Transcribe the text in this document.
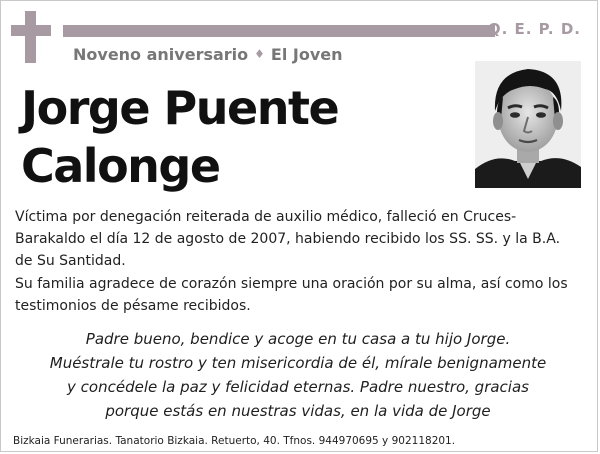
Q. E. P. D.
Noveno aniversario ♦ El Joven
Jorge Puente
Calonge
Víctima por denegación reiterada de auxilio médico, falleció en Cruces-Barakaldo el día 12 de agosto de 2007, habiendo recibido los SS. SS. y la B.A. de Su Santidad.
Su familia agradece de corazón siempre una oración por su alma, así como los testimonios de pésame recibidos.
Padre bueno, bendice y acoge en tu casa a tu hijo Jorge.
Muéstrale tu rostro y ten misericordia de él, mírale benignamente
y concédele la paz y felicidad eternas. Padre nuestro, gracias
porque estás en nuestras vidas, en la vida de Jorge
Bizkaia Funerarias. Tanatorio Bizkaia. Retuerto, 40. Tfnos. 944970695 y 902118201.
